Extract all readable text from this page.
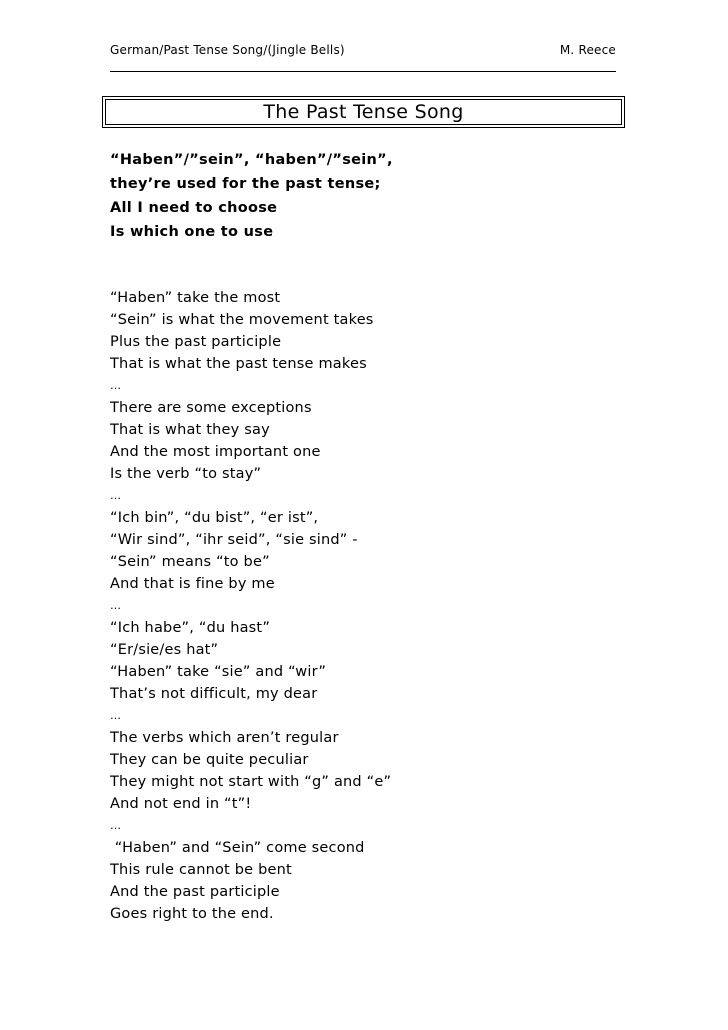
German/Past Tense Song/(Jingle Bells)	M. Reece
The Past Tense Song
“Haben”/”sein”, “haben”/”sein”,
they’re used for the past tense;
All I need to choose
Is which one to use
“Haben” take the most
“Sein” is what the movement takes
Plus the past participle
That is what the past tense makes
…
There are some exceptions
That is what they say
And the most important one
Is the verb “to stay”
…
“Ich bin”, “du bist”, “er ist”,
“Wir sind”, “ihr seid”, “sie sind” -
“Sein” means “to be”
And that is fine by me
…
“Ich habe”, “du hast”
“Er/sie/es hat”
“Haben” take “sie” and “wir”
That’s not difficult, my dear
…
The verbs which aren’t regular
They can be quite peculiar
They might not start with “g” and “e”
And not end in “t”!
…
“Haben” and “Sein” come second
This rule cannot be bent
And the past participle
Goes right to the end.
